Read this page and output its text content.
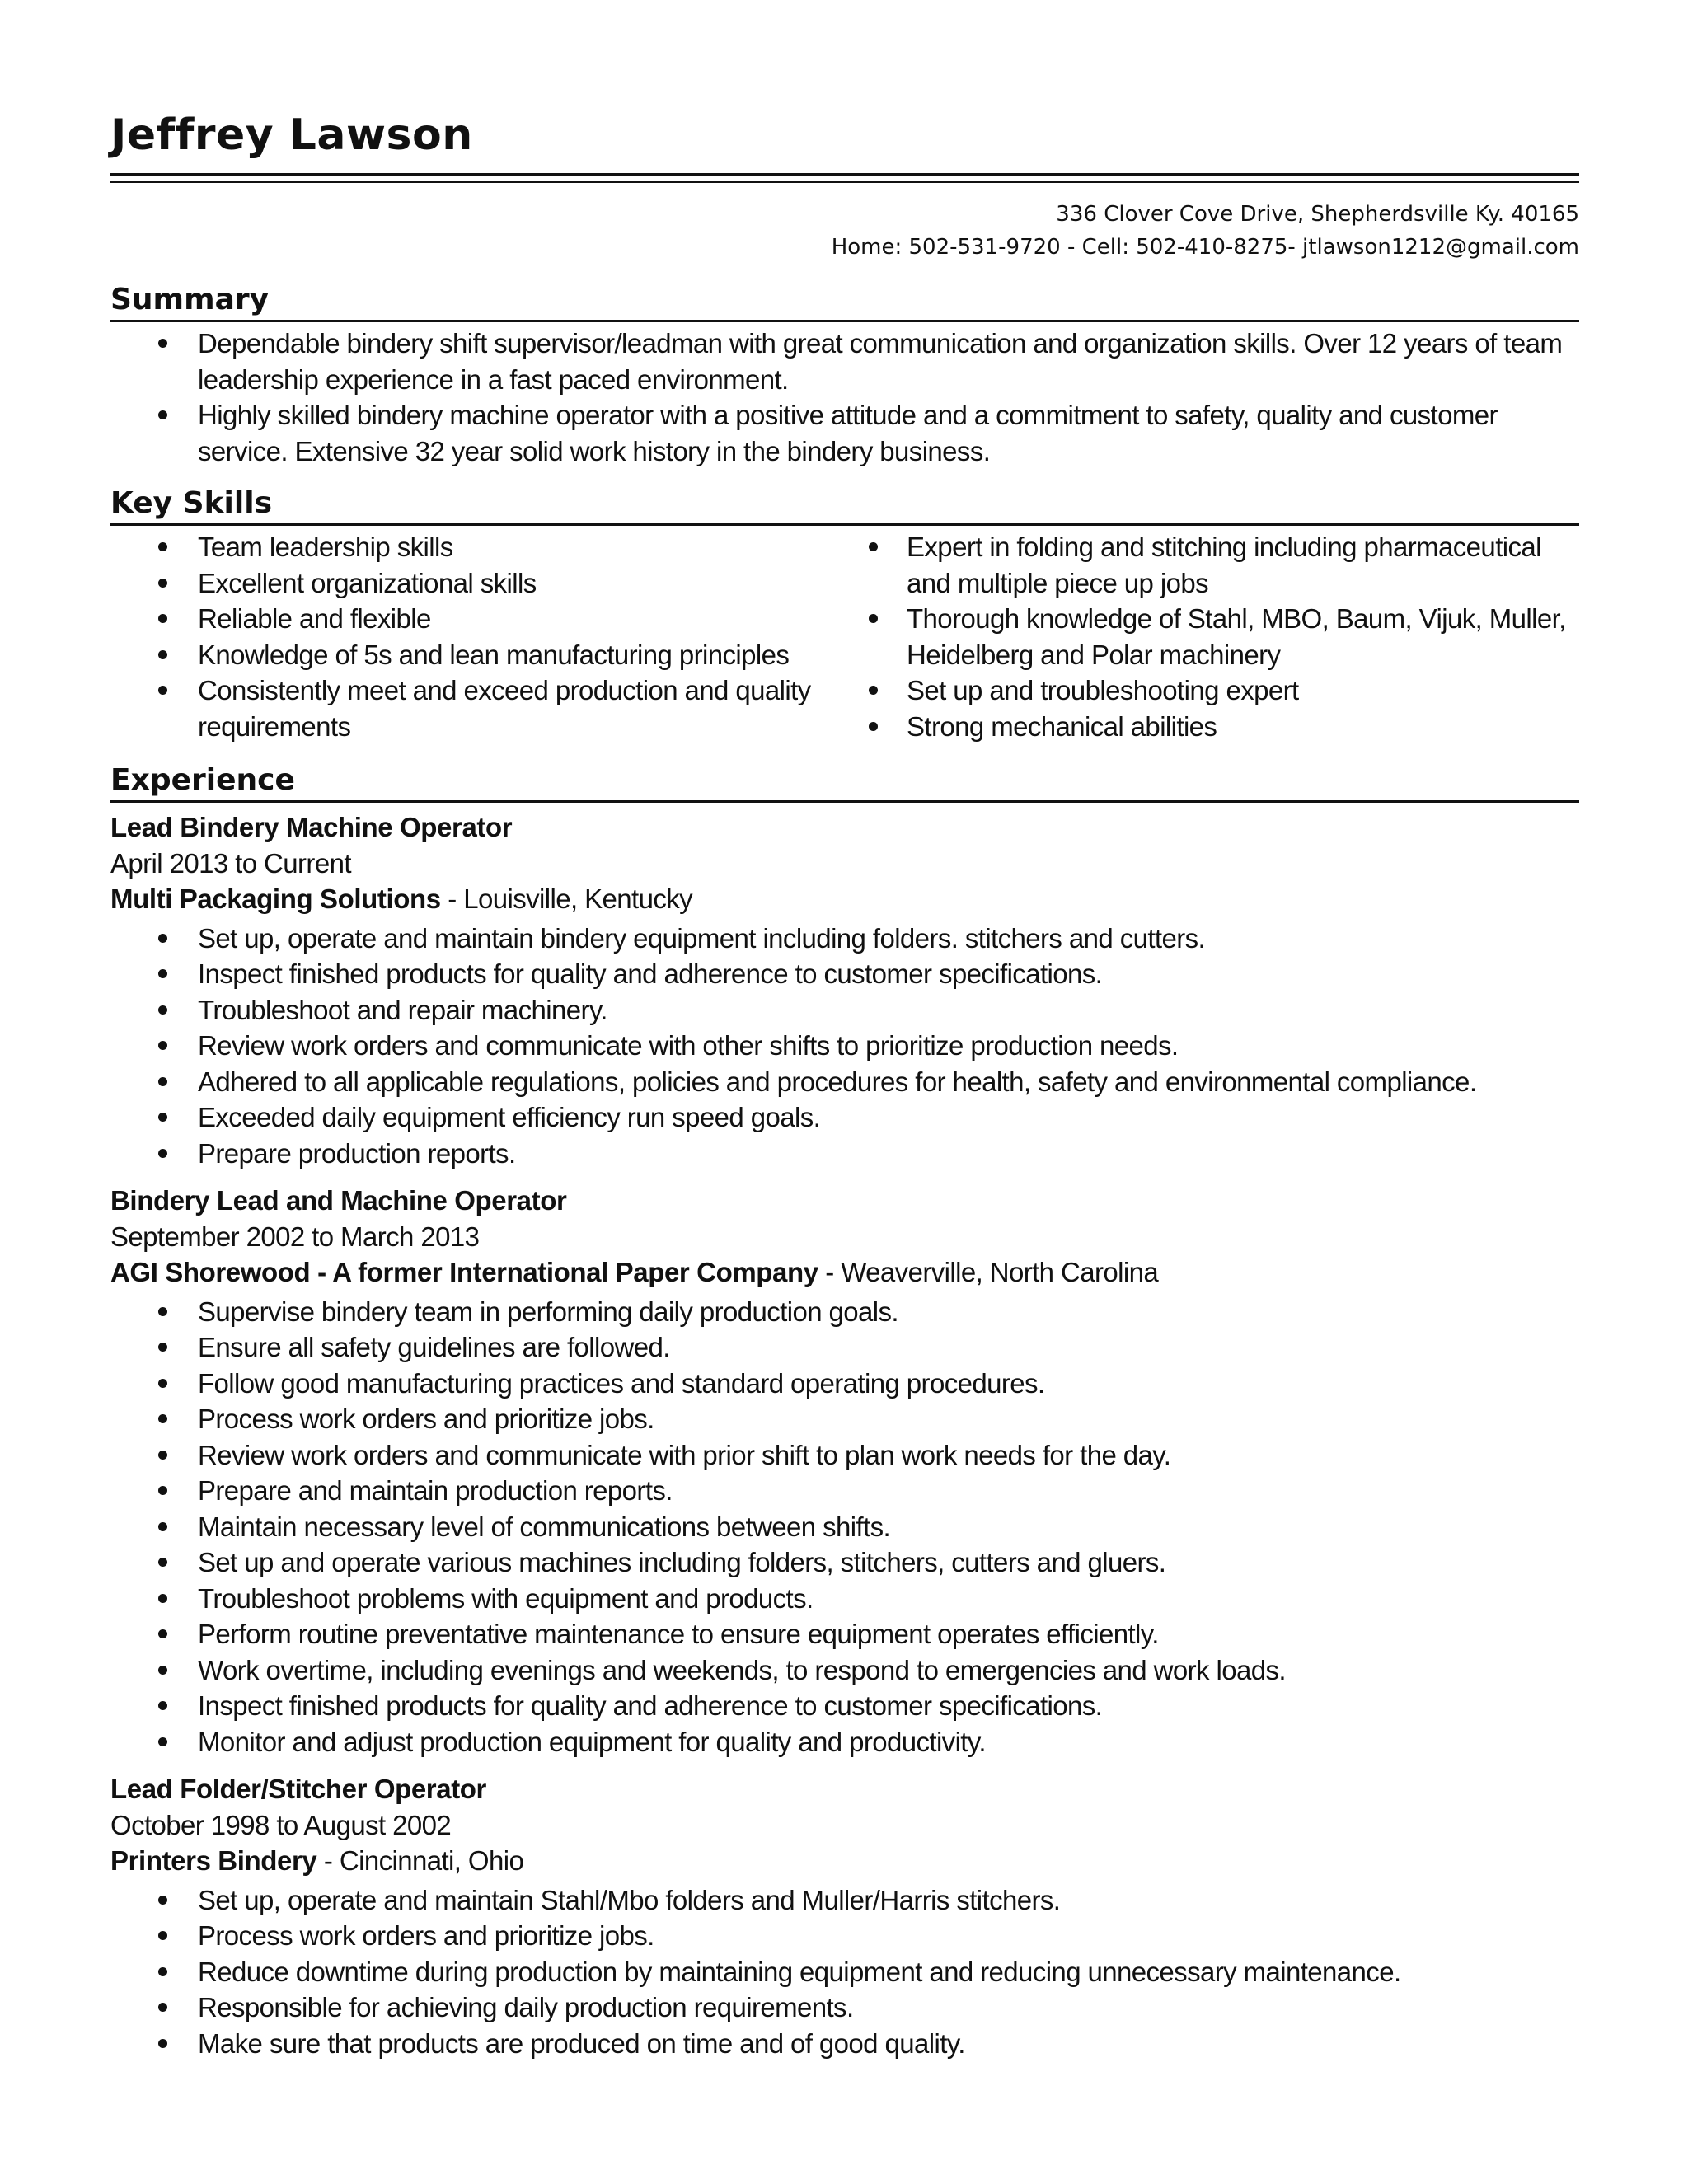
Jeffrey Lawson
336 Clover Cove Drive, Shepherdsville Ky. 40165
Home: 502-531-9720 - Cell: 502-410-8275- jtlawson1212@gmail.com
Summary
Dependable bindery shift supervisor/leadman with great communication and organization skills. Over 12 years of team leadership experience in a fast paced environment.
Highly skilled bindery machine operator with a positive attitude and a commitment to safety, quality and customer service. Extensive 32 year solid work history in the bindery business.
Key Skills
Team leadership skills
Excellent organizational skills
Reliable and flexible
Knowledge of 5s and lean manufacturing principles
Consistently meet and exceed production and quality requirements
Expert in folding and stitching including pharmaceutical and multiple piece up jobs
Thorough knowledge of Stahl, MBO, Baum, Vijuk, Muller, Heidelberg and Polar machinery
Set up and troubleshooting expert
Strong mechanical abilities
Experience
Lead Bindery Machine Operator
April 2013 to Current
Multi Packaging Solutions - Louisville, Kentucky
Set up, operate and maintain bindery equipment including folders. stitchers and cutters.
Inspect finished products for quality and adherence to customer specifications.
Troubleshoot and repair machinery.
Review work orders and communicate with other shifts to prioritize production needs.
Adhered to all applicable regulations, policies and procedures for health, safety and environmental compliance.
Exceeded daily equipment efficiency run speed goals.
Prepare production reports.
Bindery Lead and Machine Operator
September 2002 to March 2013
AGI Shorewood - A former International Paper Company - Weaverville, North Carolina
Supervise bindery team in performing daily production goals.
Ensure all safety guidelines are followed.
Follow good manufacturing practices and standard operating procedures.
Process work orders and prioritize jobs.
Review work orders and communicate with prior shift to plan work needs for the day.
Prepare and maintain production reports.
Maintain necessary level of communications between shifts.
Set up and operate various machines including folders, stitchers, cutters and gluers.
Troubleshoot problems with equipment and products.
Perform routine preventative maintenance to ensure equipment operates efficiently.
Work overtime, including evenings and weekends, to respond to emergencies and work loads.
Inspect finished products for quality and adherence to customer specifications.
Monitor and adjust production equipment for quality and productivity.
Lead Folder/Stitcher Operator
October 1998 to August 2002
Printers Bindery - Cincinnati, Ohio
Set up, operate and maintain Stahl/Mbo folders and Muller/Harris stitchers.
Process work orders and prioritize jobs.
Reduce downtime during production by maintaining equipment and reducing unnecessary maintenance.
Responsible for achieving daily production requirements.
Make sure that products are produced on time and of good quality.
